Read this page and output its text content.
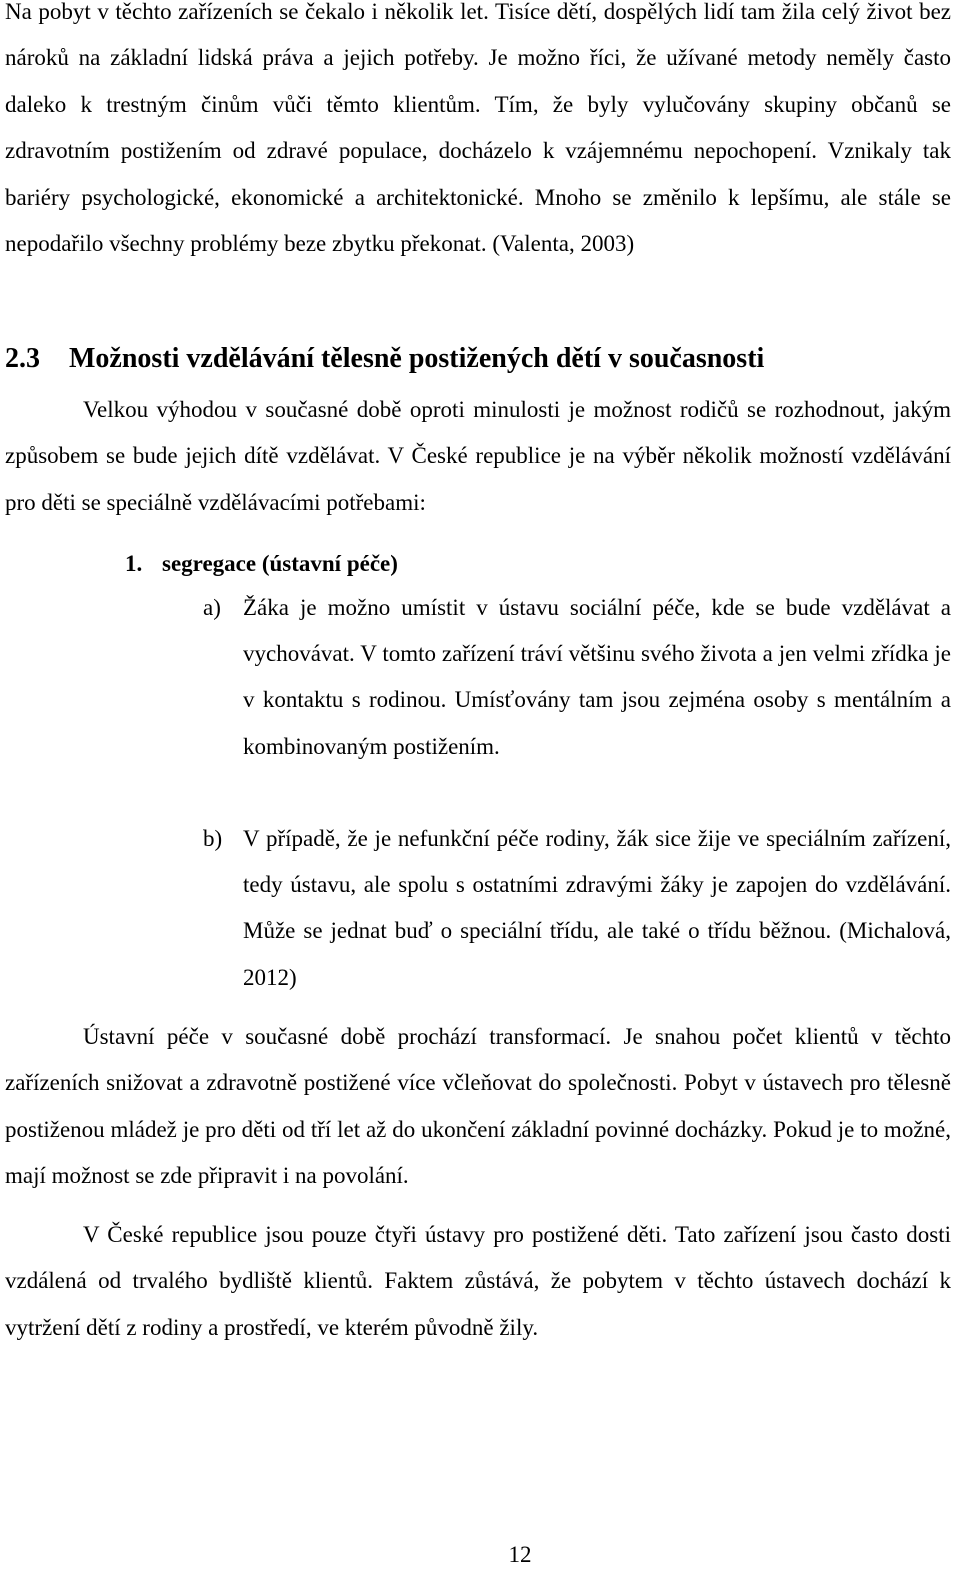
Na pobyt v těchto zařízeních se čekalo i několik let. Tisíce dětí, dospělých lidí tam žila celý život bez nároků na základní lidská práva a jejich potřeby. Je možno říci, že užívané metody neměly často daleko k trestným činům vůči těmto klientům. Tím, že byly vylučovány skupiny občanů se zdravotním postižením od zdravé populace, docházelo k vzájemnému nepochopení. Vznikaly tak bariéry psychologické, ekonomické a architektonické. Mnoho se změnilo k lepšímu, ale stále se nepodařilo všechny problémy beze zbytku překonat. (Valenta, 2003)

2.3 Možnosti vzdělávání tělesně postižených dětí v současnosti

Velkou výhodou v současné době oproti minulosti je možnost rodičů se rozhodnout, jakým způsobem se bude jejich dítě vzdělávat. V České republice je na výběr několik možností vzdělávání pro děti se speciálně vzdělávacími potřebami:

1. segregace (ústavní péče)
a) Žáka je možno umístit v ústavu sociální péče, kde se bude vzdělávat a vychovávat. V tomto zařízení tráví většinu svého života a jen velmi zřídka je v kontaktu s rodinou. Umísťovány tam jsou zejména osoby s mentálním a kombinovaným postižením.
b) V případě, že je nefunkční péče rodiny, žák sice žije ve speciálním zařízení, tedy ústavu, ale spolu s ostatními zdravými žáky je zapojen do vzdělávání. Může se jednat buď o speciální třídu, ale také o třídu běžnou. (Michalová, 2012)

Ústavní péče v současné době prochází transformací. Je snahou počet klientů v těchto zařízeních snižovat a zdravotně postižené více včleňovat do společnosti. Pobyt v ústavech pro tělesně postiženou mládež je pro děti od tří let až do ukončení základní povinné docházky. Pokud je to možné, mají možnost se zde připravit i na povolání.

V České republice jsou pouze čtyři ústavy pro postižené děti. Tato zařízení jsou často dosti vzdálená od trvalého bydliště klientů. Faktem zůstává, že pobytem v těchto ústavech dochází k vytržení dětí z rodiny a prostředí, ve kterém původně žily.

12
